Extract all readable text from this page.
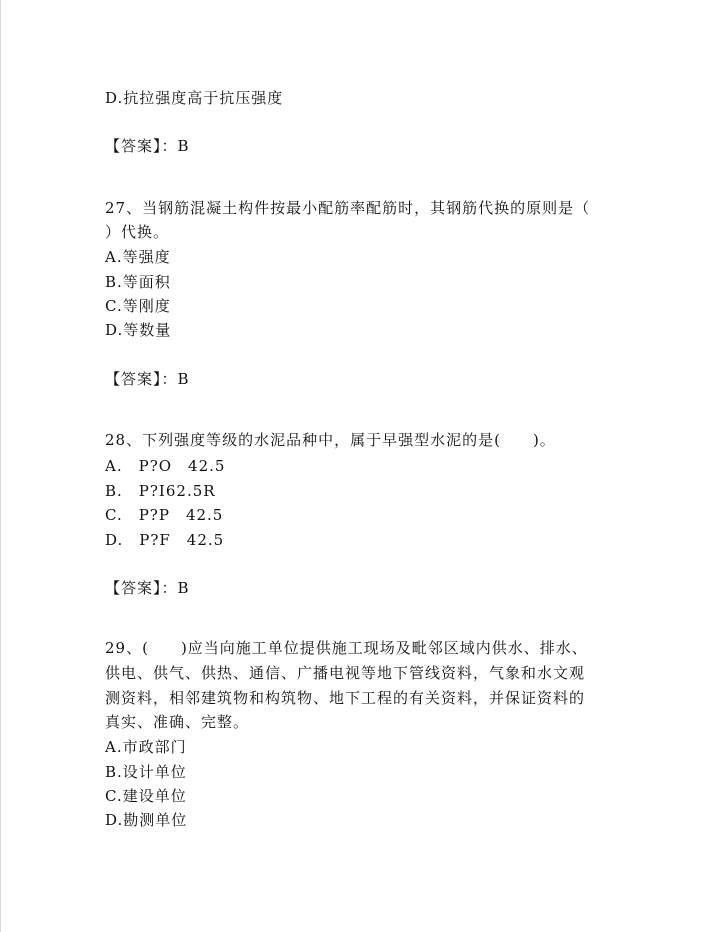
D.抗拉强度高于抗压强度
【答案】：B
27、当钢筋混凝土构件按最小配筋率配筋时，其钢筋代换的原则是（
）代换。
A.等强度
B.等面积
C.等刚度
D.等数量
【答案】：B
28、下列强度等级的水泥品种中，属于早强型水泥的是(　　)。
A.　P?O　42.5
B.　P?Ⅰ62.5R
C.　P?P　42.5
D.　P?F　42.5
【答案】：B
29、(　　)应当向施工单位提供施工现场及毗邻区域内供水、排水、
供电、供气、供热、通信、广播电视等地下管线资料，气象和水文观
测资料，相邻建筑物和构筑物、地下工程的有关资料，并保证资料的
真实、准确、完整。
A.市政部门
B.设计单位
C.建设单位
D.勘测单位
